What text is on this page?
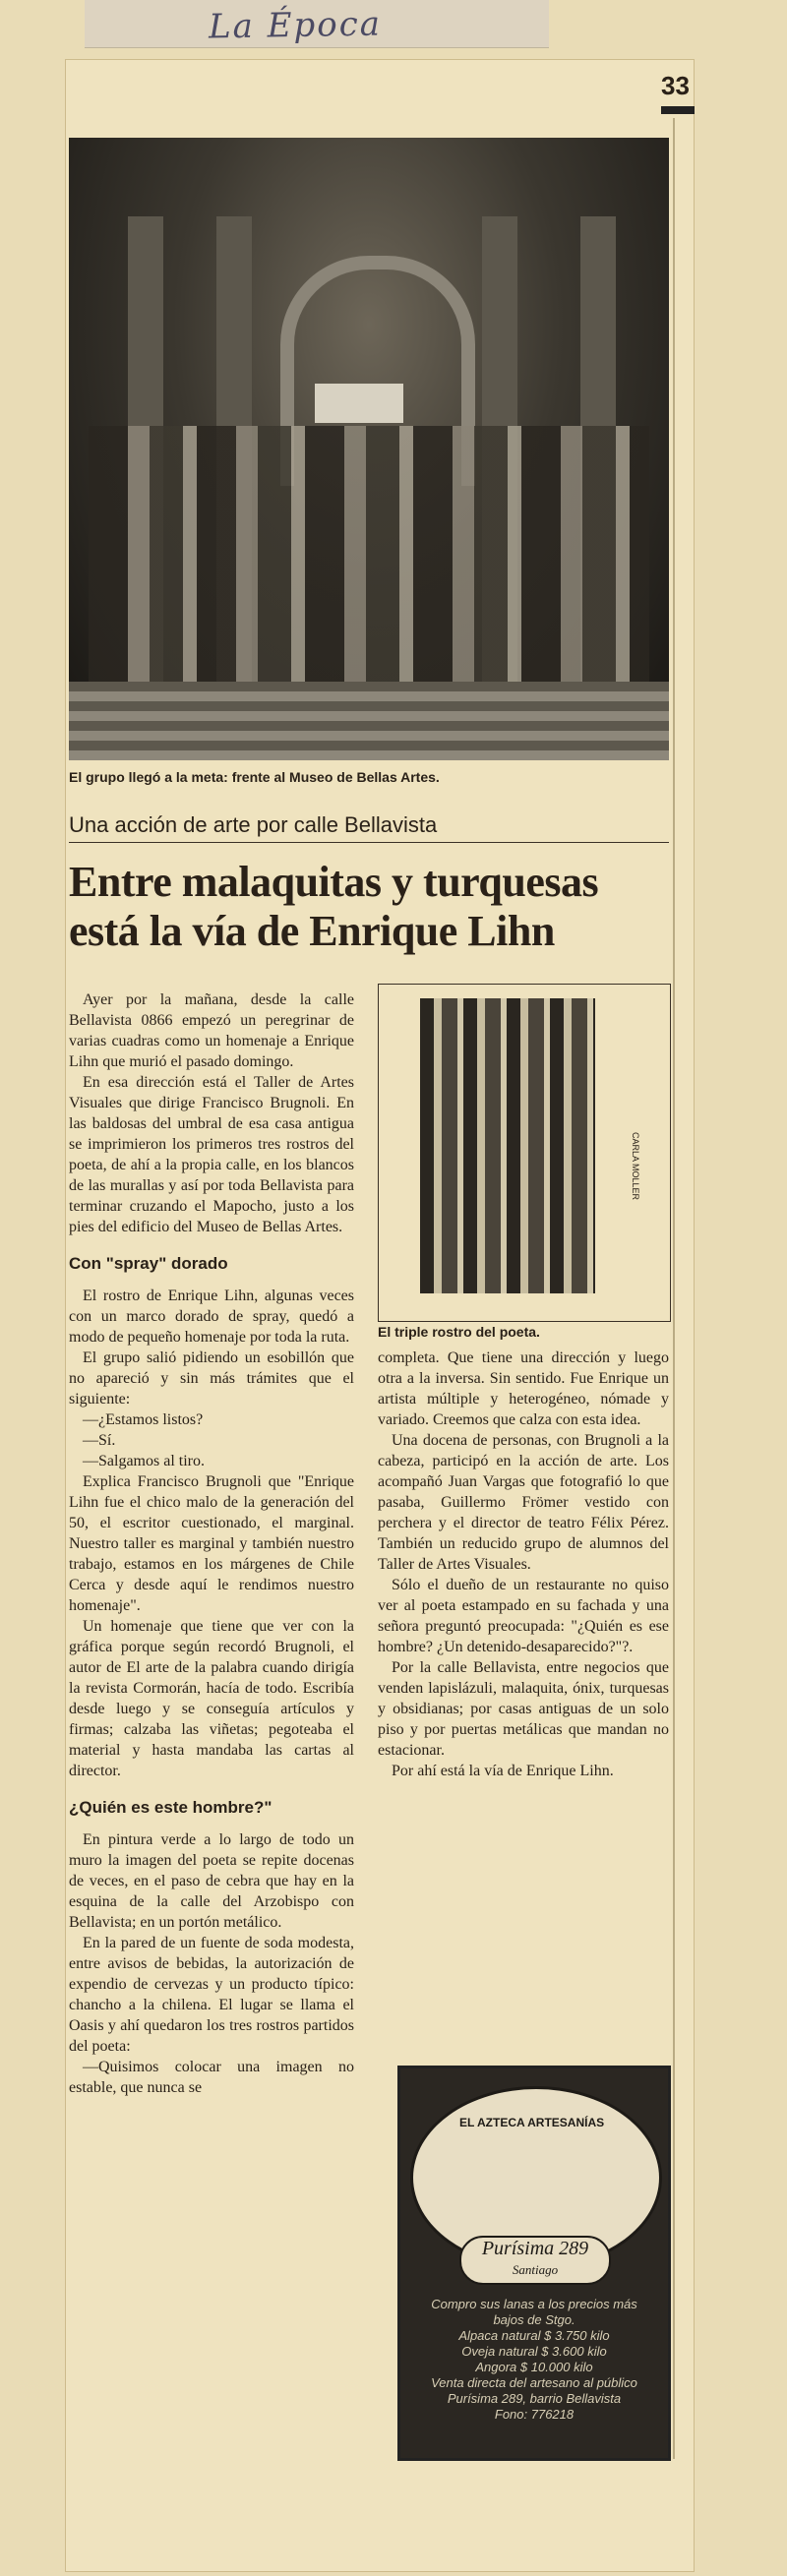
La Época
33
El grupo llegó a la meta: frente al Museo de Bellas Artes.
Una acción de arte por calle Bellavista
Entre malaquitas y turquesas
está la vía de Enrique Lihn

Ayer por la mañana, desde la calle Bellavista 0866 empezó un peregrinar de varias cuadras como un homenaje a Enrique Lihn que murió el pasado domingo.

En esa dirección está el Taller de Artes Visuales que dirige Francisco Brugnoli. En las baldosas del umbral de esa casa antigua se imprimieron los primeros tres rostros del poeta, de ahí a la propia calle, en los blancos de las murallas y así por toda Bellavista para terminar cruzando el Mapocho, justo a los pies del edificio del Museo de Bellas Artes.

Con "spray" dorado

El rostro de Enrique Lihn, algunas veces con un marco dorado de spray, quedó a modo de pequeño homenaje por toda la ruta.

El grupo salió pidiendo un esobillón que no apareció y sin más trámites que el siguiente:

—¿Estamos listos?

—Sí.

—Salgamos al tiro.

Explica Francisco Brugnoli que "Enrique Lihn fue el chico malo de la generación del 50, el escritor cuestionado, el marginal. Nuestro taller es marginal y también nuestro trabajo, estamos en los márgenes de Chile Cerca y desde aquí le rendimos nuestro homenaje".

Un homenaje que tiene que ver con la gráfica porque según recordó Brugnoli, el autor de El arte de la palabra cuando dirigía la revista Cormorán, hacía de todo. Escribía desde luego y se conseguía artículos y firmas; calzaba las viñetas; pegoteaba el material y hasta mandaba las cartas al director.

¿Quién es este hombre?"

En pintura verde a lo largo de todo un muro la imagen del poeta se repite docenas de veces, en el paso de cebra que hay en la esquina de la calle del Arzobispo con Bellavista; en un portón metálico.

En la pared de un fuente de soda modesta, entre avisos de bebidas, la autorización de expendio de cervezas y un producto típico: chancho a la chilena. El lugar se llama el Oasis y ahí quedaron los tres rostros partidos del poeta:

—Quisimos colocar una imagen no estable, que nunca se

CARLA MOLLER
El triple rostro del poeta.

completa. Que tiene una dirección y luego otra a la inversa. Sin sentido. Fue Enrique un artista múltiple y heterogéneo, nómade y variado. Creemos que calza con esta idea.

Una docena de personas, con Brugnoli a la cabeza, participó en la acción de arte. Los acompañó Juan Vargas que fotografió lo que pasaba, Guillermo Frömer vestido con perchera y el director de teatro Félix Pérez. También un reducido grupo de alumnos del Taller de Artes Visuales.

Sólo el dueño de un restaurante no quiso ver al poeta estampado en su fachada y una señora preguntó preocupada: "¿Quién es ese hombre? ¿Un detenido-desaparecido?"?.

Por la calle Bellavista, entre negocios que venden lapislázuli, malaquita, ónix, turquesas y obsidianas; por casas antiguas de un solo piso y por puertas metálicas que mandan no estacionar.

Por ahí está la vía de Enrique Lihn.

EL AZTECA ARTESANÍAS
Purísima 289
Santiago
Compro sus lanas a los precios más bajos de Stgo.
Alpaca natural $ 3.750 kilo
Oveja natural $ 3.600 kilo
Angora $ 10.000 kilo
Venta directa del artesano al público
Purísima 289, barrio Bellavista
Fono: 776218
